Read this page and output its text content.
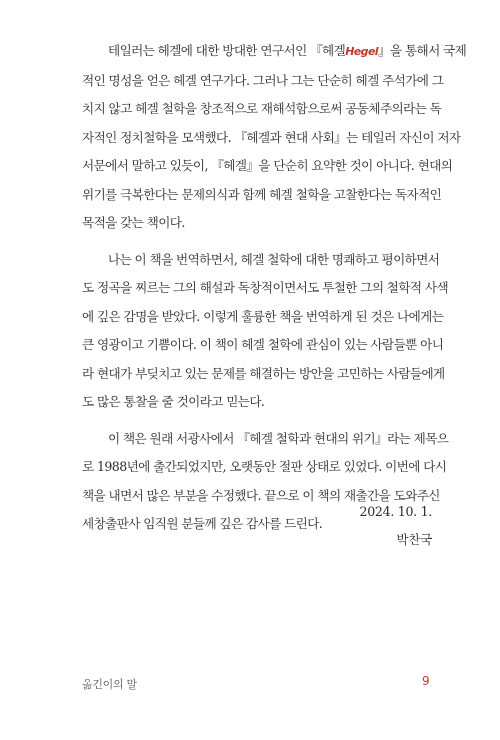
테일러는 헤겔에 대한 방대한 연구서인 『헤겔Hegel』을 통해서 국제
적인 명성을 얻은 헤겔 연구가다. 그러나 그는 단순히 헤겔 주석가에 그
치지 않고 헤겔 철학을 창조적으로 재해석함으로써 공동체주의라는 독
자적인 정치철학을 모색했다. 『헤겔과 현대 사회』는 테일러 자신이 저자
서문에서 말하고 있듯이, 『헤겔』을 단순히 요약한 것이 아니다. 현대의
위기를 극복한다는 문제의식과 함께 헤겔 철학을 고찰한다는 독자적인
목적을 갖는 책이다.

나는 이 책을 번역하면서, 헤겔 철학에 대한 명쾌하고 평이하면서
도 정곡을 찌르는 그의 해설과 독창적이면서도 투철한 그의 철학적 사색
에 깊은 감명을 받았다. 이렇게 훌륭한 책을 번역하게 된 것은 나에게는
큰 영광이고 기쁨이다. 이 책이 헤겔 철학에 관심이 있는 사람들뿐 아니
라 현대가 부딪치고 있는 문제를 해결하는 방안을 고민하는 사람들에게
도 많은 통찰을 줄 것이라고 믿는다.

이 책은 원래 서광사에서 『헤겔 철학과 현대의 위기』라는 제목으
로 1988년에 출간되었지만, 오랫동안 절판 상태로 있었다. 이번에 다시
책을 내면서 많은 부분을 수정했다. 끝으로 이 책의 재출간을 도와주신
세창출판사 임직원 분들께 깊은 감사를 드린다.

2024. 10. 1.
박찬국
옮긴이의 말	9
